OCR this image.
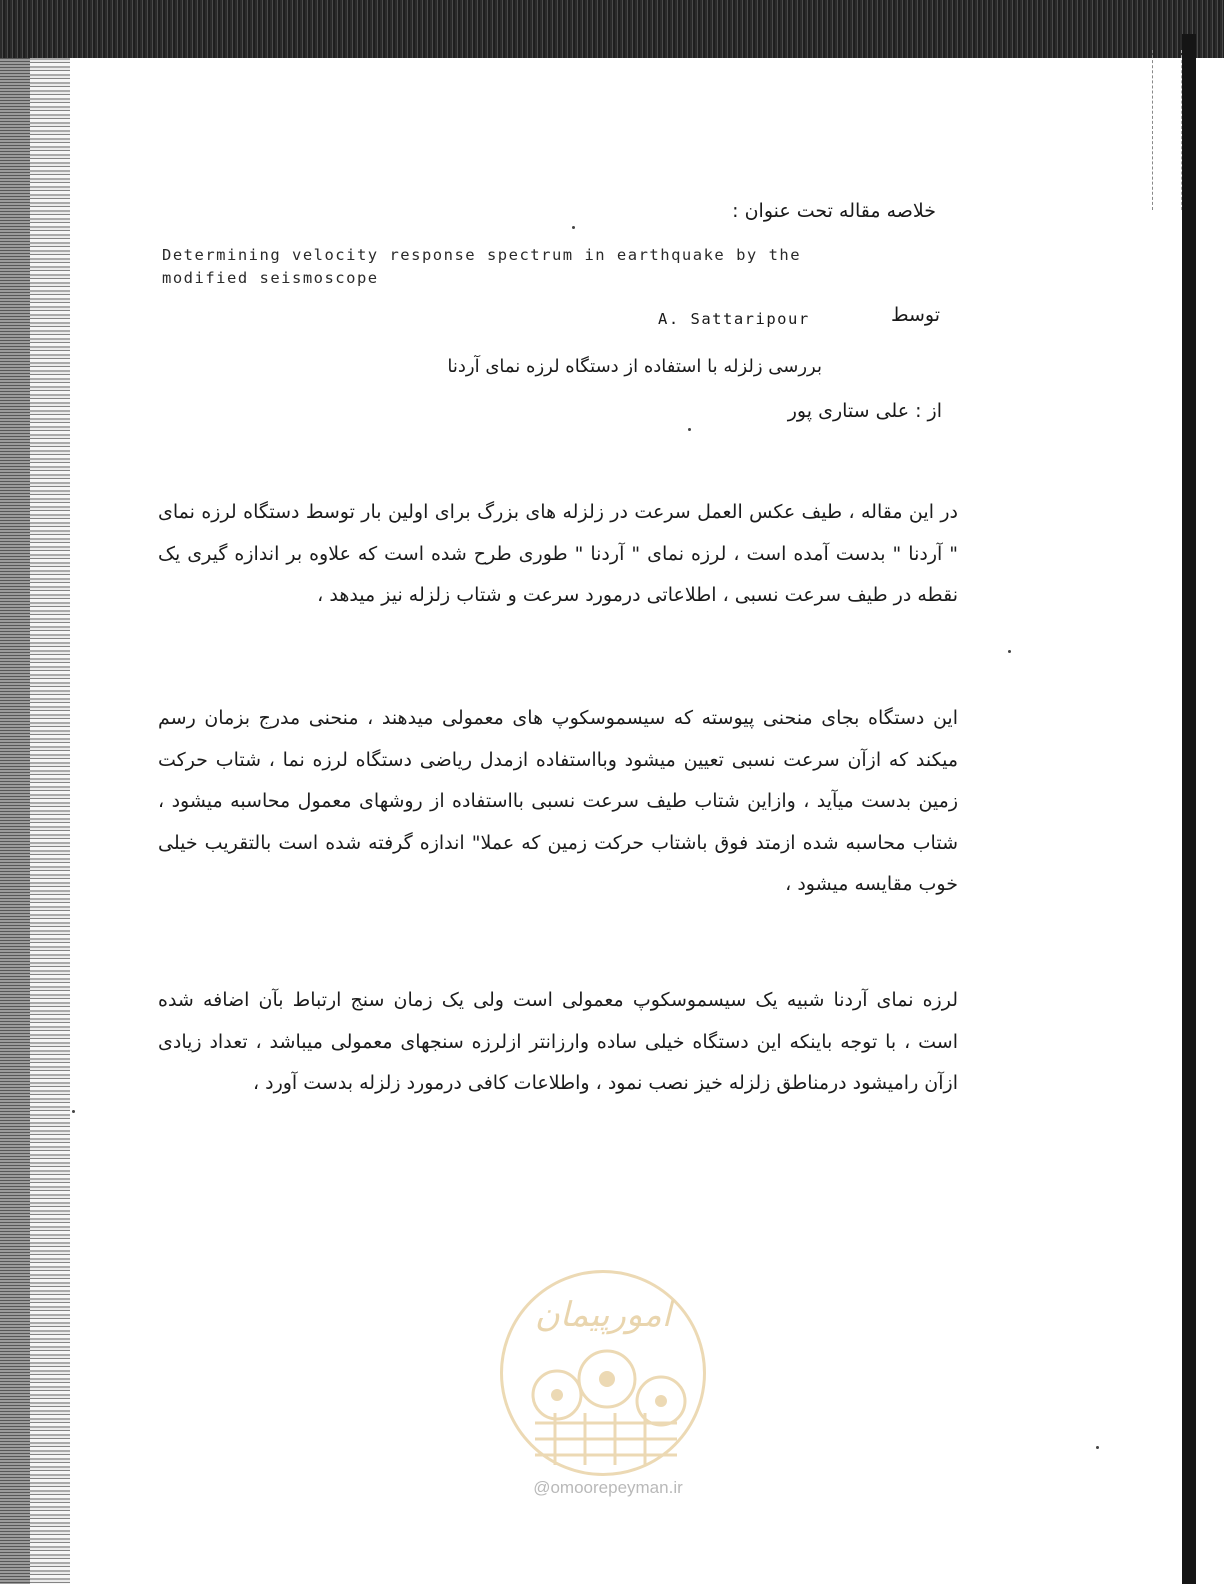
خلاصه مقاله تحت عنوان :
Determining velocity response spectrum in earthquake by the modified seismoscope
توسط
A. Sattaripour
بررسی زلزله با استفاده از دستگاه لرزه نمای آردنا
از : علی ستاری پور
در این مقاله ، طیف عکس العمل سرعت در زلزله های بزرگ برای اولین بار توسط دستگاه لرزه نمای " آردنا " بدست آمده است ، لرزه نمای " آردنا " طوری طرح شده است که علاوه بر اندازه گیری یک نقطه در طیف سرعت نسبی ، اطلاعاتی درمورد سرعت و شتاب زلزله نیز میدهد ،
این دستگاه بجای منحنی پیوسته که سیسموسکوپ های معمولی میدهند ، منحنی مدرج بزمان رسم میکند که ازآن سرعت نسبی تعیین میشود وبااستفاده ازمدل ریاضی دستگاه لرزه نما ، شتاب حرکت زمین بدست میآید ، وازاین شتاب طیف سرعت نسبی بااستفاده از روشهای معمول محاسبه میشود ، شتاب محاسبه شده ازمتد فوق باشتاب حرکت زمین که عملا" اندازه گرفته شده است بالتقریب خیلی خوب مقایسه میشود ،
لرزه نمای آردنا شبیه یک سیسموسکوپ معمولی است ولی یک زمان سنج ارتباط بآن اضافه شده است ، با توجه باینکه این دستگاه خیلی ساده وارزانتر ازلرزه سنجهای معمولی میباشد ، تعداد زیادی ازآن رامیشود درمناطق زلزله خیز نصب نمود ، واطلاعات کافی درمورد زلزله بدست آورد ،
امورپیمان
@omoorepeyman.ir
